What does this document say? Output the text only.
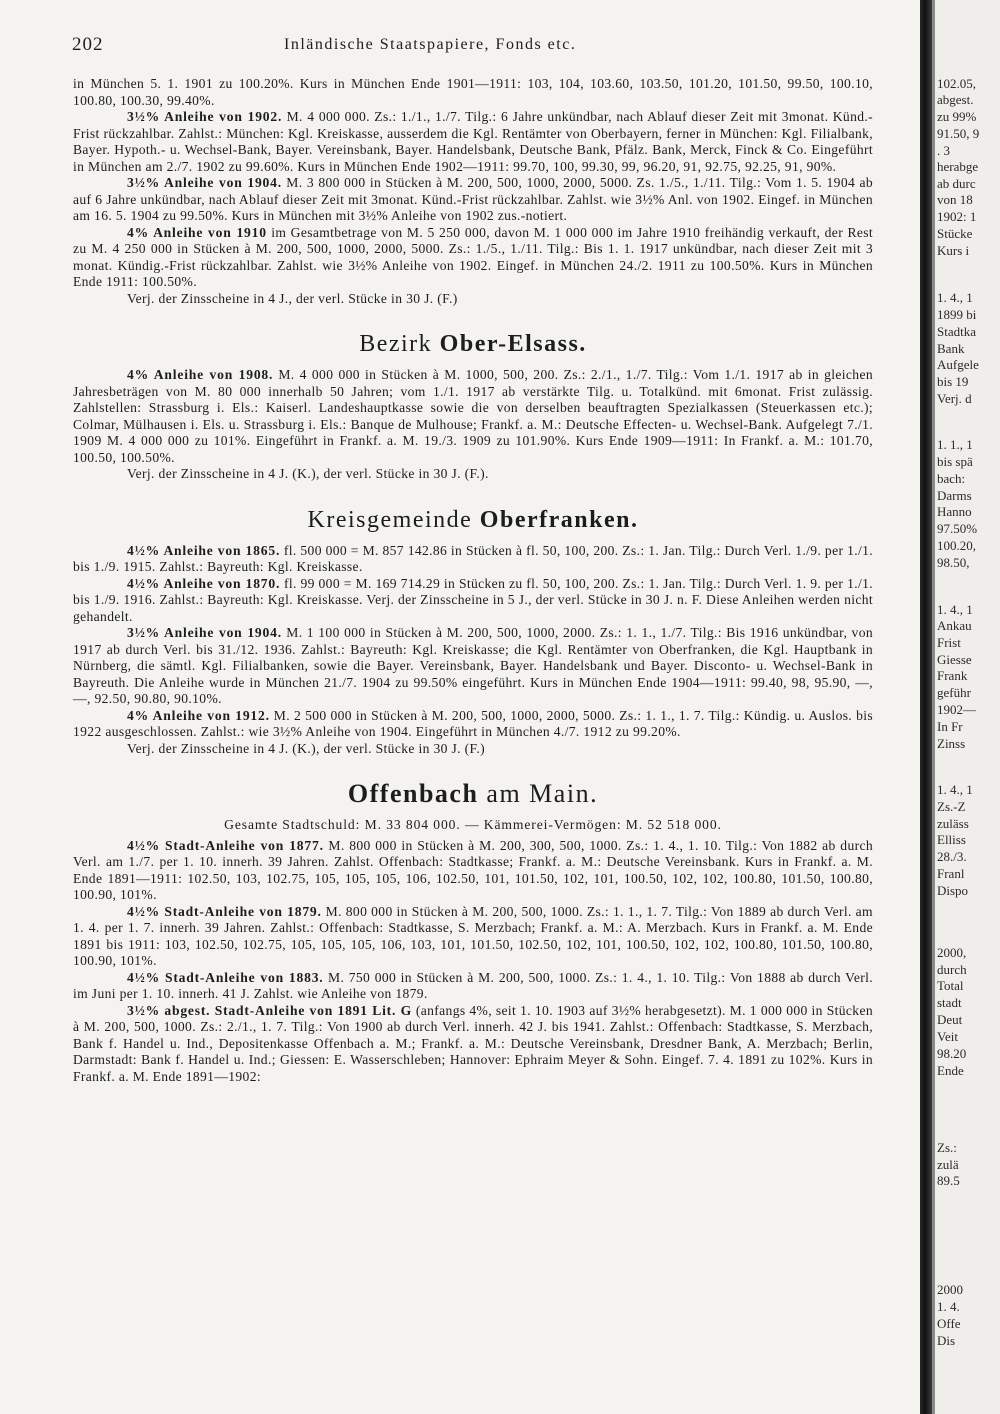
202	Inländische Staatspapiere, Fonds etc.

in München 5. 1. 1901 zu 100.20%. Kurs in München Ende 1901—1911: 103, 104, 103.60, 103.50, 101.20, 101.50, 99.50, 100.10, 100.80, 100.30, 99.40%.

3½% Anleihe von 1902. M. 4 000 000. Zs.: 1./1., 1./7. Tilg.: 6 Jahre unkündbar, nach Ablauf dieser Zeit mit 3monat. Künd.-Frist rückzahlbar. Zahlst.: München: Kgl. Kreiskasse, ausserdem die Kgl. Rentämter von Oberbayern, ferner in München: Kgl. Filialbank, Bayer. Hypoth.- u. Wechsel-Bank, Bayer. Vereinsbank, Bayer. Handelsbank, Deutsche Bank, Pfälz. Bank, Merck, Finck & Co. Eingeführt in München am 2./7. 1902 zu 99.60%. Kurs in München Ende 1902—1911: 99.70, 100, 99.30, 99, 96.20, 91, 92.75, 92.25, 91, 90%.

3½% Anleihe von 1904. M. 3 800 000 in Stücken à M. 200, 500, 1000, 2000, 5000. Zs. 1./5., 1./11. Tilg.: Vom 1. 5. 1904 ab auf 6 Jahre unkündbar, nach Ablauf dieser Zeit mit 3monat. Künd.-Frist rückzahlbar. Zahlst. wie 3½% Anl. von 1902. Eingef. in München am 16. 5. 1904 zu 99.50%. Kurs in München mit 3½% Anleihe von 1902 zus.-notiert.

4% Anleihe von 1910 im Gesamtbetrage von M. 5 250 000, davon M. 1 000 000 im Jahre 1910 freihändig verkauft, der Rest zu M. 4 250 000 in Stücken à M. 200, 500, 1000, 2000, 5000. Zs.: 1./5., 1./11. Tilg.: Bis 1. 1. 1917 unkündbar, nach dieser Zeit mit 3 monat. Kündig.-Frist rückzahlbar. Zahlst. wie 3½% Anleihe von 1902. Eingef. in München 24./2. 1911 zu 100.50%. Kurs in München Ende 1911: 100.50%.

Verj. der Zinsscheine in 4 J., der verl. Stücke in 30 J. (F.)

Bezirk Ober-Elsass.

4% Anleihe von 1908. M. 4 000 000 in Stücken à M. 1000, 500, 200. Zs.: 2./1., 1./7. Tilg.: Vom 1./1. 1917 ab in gleichen Jahresbeträgen von M. 80 000 innerhalb 50 Jahren; vom 1./1. 1917 ab verstärkte Tilg. u. Totalkünd. mit 6monat. Frist zulässig. Zahlstellen: Strassburg i. Els.: Kaiserl. Landeshauptkasse sowie die von derselben beauftragten Spezialkassen (Steuerkassen etc.); Colmar, Mülhausen i. Els. u. Strassburg i. Els.: Banque de Mulhouse; Frankf. a. M.: Deutsche Effecten- u. Wechsel-Bank. Aufgelegt 7./1. 1909 M. 4 000 000 zu 101%. Eingeführt in Frankf. a. M. 19./3. 1909 zu 101.90%. Kurs Ende 1909—1911: In Frankf. a. M.: 101.70, 100.50, 100.50%.

Verj. der Zinsscheine in 4 J. (K.), der verl. Stücke in 30 J. (F.).

Kreisgemeinde Oberfranken.

4½% Anleihe von 1865. fl. 500 000 = M. 857 142.86 in Stücken à fl. 50, 100, 200. Zs.: 1. Jan. Tilg.: Durch Verl. 1./9. per 1./1. bis 1./9. 1915. Zahlst.: Bayreuth: Kgl. Kreiskasse.

4½% Anleihe von 1870. fl. 99 000 = M. 169 714.29 in Stücken zu fl. 50, 100, 200. Zs.: 1. Jan. Tilg.: Durch Verl. 1. 9. per 1./1. bis 1./9. 1916. Zahlst.: Bayreuth: Kgl. Kreiskasse. Verj. der Zinsscheine in 5 J., der verl. Stücke in 30 J. n. F. Diese Anleihen werden nicht gehandelt.

3½% Anleihe von 1904. M. 1 100 000 in Stücken à M. 200, 500, 1000, 2000. Zs.: 1. 1., 1./7. Tilg.: Bis 1916 unkündbar, von 1917 ab durch Verl. bis 31./12. 1936. Zahlst.: Bayreuth: Kgl. Kreiskasse; die Kgl. Rentämter von Oberfranken, die Kgl. Hauptbank in Nürnberg, die sämtl. Kgl. Filialbanken, sowie die Bayer. Vereinsbank, Bayer. Handelsbank und Bayer. Disconto- u. Wechsel-Bank in Bayreuth. Die Anleihe wurde in München 21./7. 1904 zu 99.50% eingeführt. Kurs in München Ende 1904—1911: 99.40, 98, 95.90, —, —, 92.50, 90.80, 90.10%.

4% Anleihe von 1912. M. 2 500 000 in Stücken à M. 200, 500, 1000, 2000, 5000. Zs.: 1. 1., 1. 7. Tilg.: Kündig. u. Auslos. bis 1922 ausgeschlossen. Zahlst.: wie 3½% Anleihe von 1904. Eingeführt in München 4./7. 1912 zu 99.20%.

Verj. der Zinsscheine in 4 J. (K.), der verl. Stücke in 30 J. (F.)

Offenbach am Main.
Gesamte Stadtschuld: M. 33 804 000. — Kämmerei-Vermögen: M. 52 518 000.

4½% Stadt-Anleihe von 1877. M. 800 000 in Stücken à M. 200, 300, 500, 1000. Zs.: 1. 4., 1. 10. Tilg.: Von 1882 ab durch Verl. am 1./7. per 1. 10. innerh. 39 Jahren. Zahlst. Offenbach: Stadtkasse; Frankf. a. M.: Deutsche Vereinsbank. Kurs in Frankf. a. M. Ende 1891—1911: 102.50, 103, 102.75, 105, 105, 105, 106, 102.50, 101, 101.50, 102, 101, 100.50, 102, 102, 100.80, 101.50, 100.80, 100.90, 101%.

4½% Stadt-Anleihe von 1879. M. 800 000 in Stücken à M. 200, 500, 1000. Zs.: 1. 1., 1. 7. Tilg.: Von 1889 ab durch Verl. am 1. 4. per 1. 7. innerh. 39 Jahren. Zahlst.: Offenbach: Stadtkasse, S. Merzbach; Frankf. a. M.: A. Merzbach. Kurs in Frankf. a. M. Ende 1891 bis 1911: 103, 102.50, 102.75, 105, 105, 105, 106, 103, 101, 101.50, 102.50, 102, 101, 100.50, 102, 102, 100.80, 101.50, 100.80, 100.90, 101%.

4½% Stadt-Anleihe von 1883. M. 750 000 in Stücken à M. 200, 500, 1000. Zs.: 1. 4., 1. 10. Tilg.: Von 1888 ab durch Verl. im Juni per 1. 10. innerh. 41 J. Zahlst. wie Anleihe von 1879.

3½% abgest. Stadt-Anleihe von 1891 Lit. G (anfangs 4%, seit 1. 10. 1903 auf 3½% herabgesetzt). M. 1 000 000 in Stücken à M. 200, 500, 1000. Zs.: 2./1., 1. 7. Tilg.: Von 1900 ab durch Verl. innerh. 42 J. bis 1941. Zahlst.: Offenbach: Stadtkasse, S. Merzbach, Bank f. Handel u. Ind., Depositenkasse Offenbach a. M.; Frankf. a. M.: Deutsche Vereinsbank, Dresdner Bank, A. Merzbach; Berlin, Darmstadt: Bank f. Handel u. Ind.; Giessen: E. Wasserschleben; Hannover: Ephraim Meyer & Sohn. Eingef. 7. 4. 1891 zu 102%. Kurs in Frankf. a. M. Ende 1891—1902:

102.05,
abgest.
zu 99%
91.50, 9
. 3
herabge
ab durc
von 18
1902: 1
Stücke
Kurs i
1. 4., 1
1899 bi
Stadtka
Bank
Aufgele
bis 19
Verj. d
1. 1., 1
bis spä
bach:
Darms
Hanno
97.50%
100.20,
98.50,
1. 4., 1
Ankau
Frist
Giesse
Frank
geführ
1902—
In Fr
Zinss
1. 4., 1
Zs.-Z
zuläss
Elliss
28./3.
Franl
Dispo
2000,
durch
Total
stadt
Deut
Veit
98.20
Ende
Zs.:
zulä
89.5
2000
1. 4.
Offe
Dis
